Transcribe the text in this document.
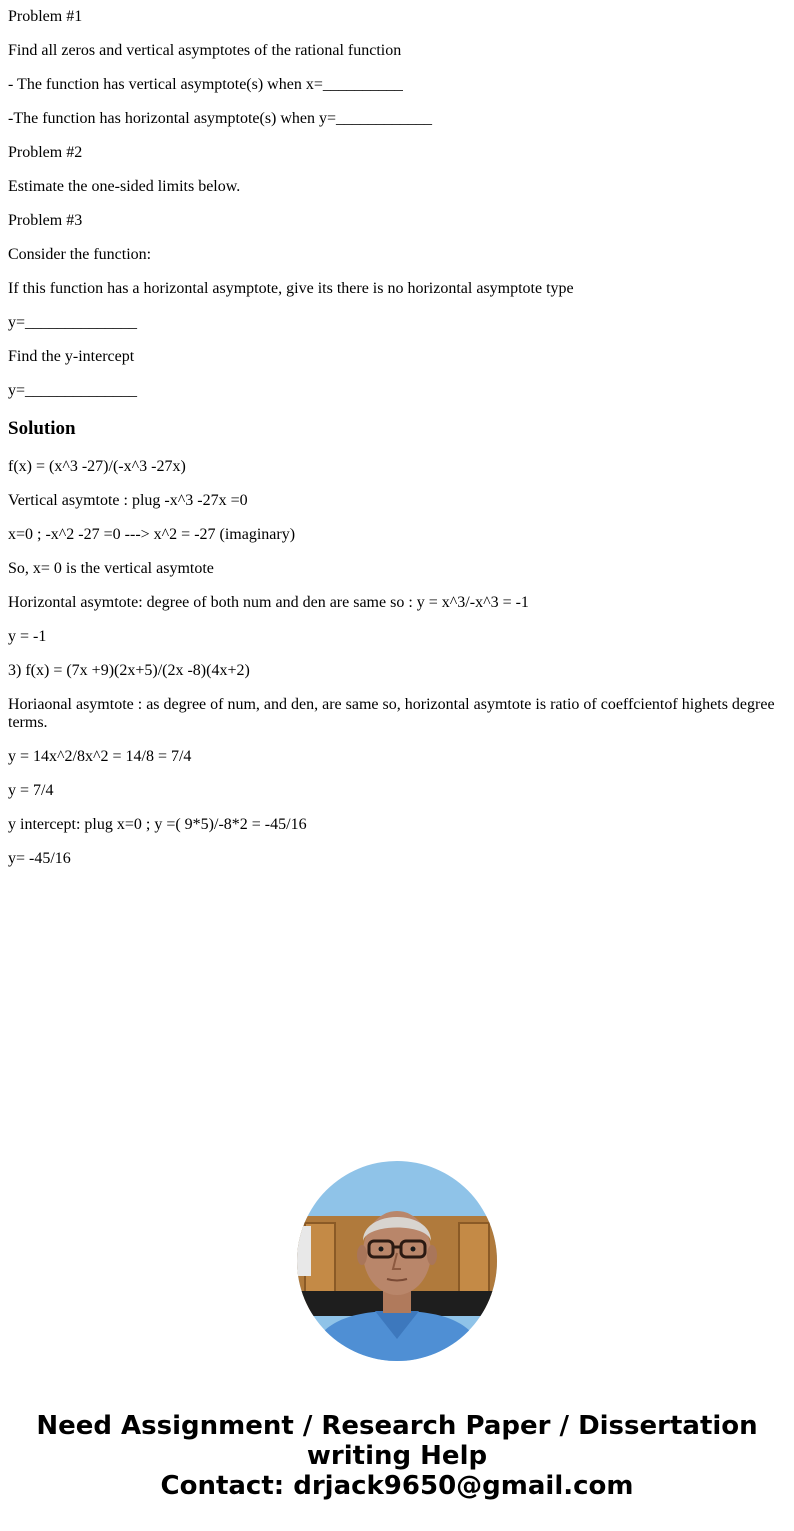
Problem #1

Find all zeros and vertical asymptotes of the rational function

- The function has vertical asymptote(s) when x=__________

-The function has horizontal asymptote(s) when y=____________

Problem #2

Estimate the one-sided limits below.

Problem #3

Consider the function:

If this function has a horizontal asymptote, give its there is no horizontal asymptote type

y=______________

Find the y-intercept

y=______________

Solution

f(x) = (x^3 -27)/(-x^3 -27x)

Vertical asymtote : plug -x^3 -27x =0

x=0 ; -x^2 -27 =0 ---> x^2 = -27 (imaginary)

So, x= 0 is the vertical asymtote

Horizontal asymtote: degree of both num and den are same so : y = x^3/-x^3 = -1

y = -1

3) f(x) = (7x +9)(2x+5)/(2x -8)(4x+2)

Horiaonal asymtote : as degree of num, and den, are same so, horizontal asymtote is ratio of coeffcientof highets degree terms.

y = 14x^2/8x^2 = 14/8 = 7/4

y = 7/4

y intercept: plug x=0 ; y =( 9*5)/-8*2 = -45/16

y= -45/16

Need Assignment / Research Paper / Dissertation
writing Help
Contact: drjack9650@gmail.com
